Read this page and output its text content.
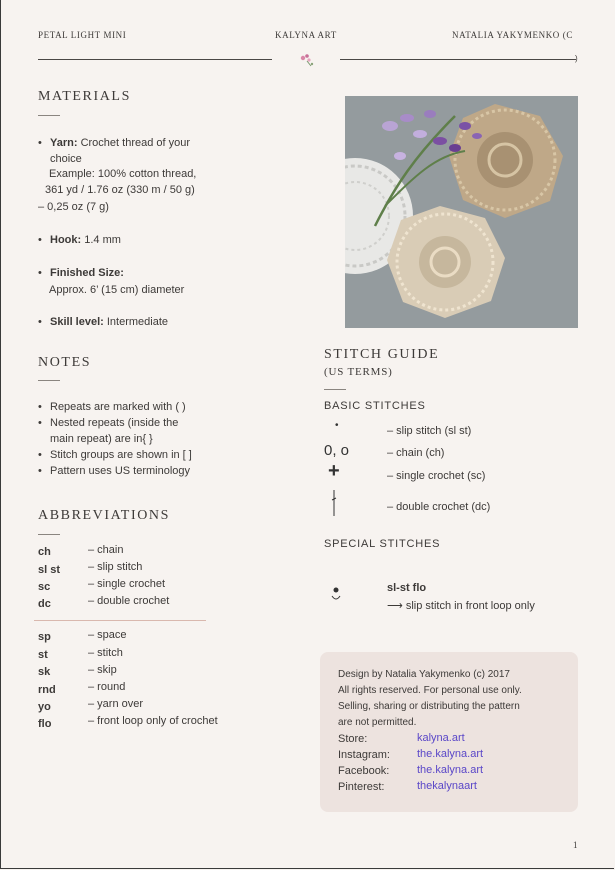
PETAL LIGHT MINI	KALYNA ART	NATALIA YAKYMENKO (C
)
MATERIALS
• Yarn: Crochet thread of your
choice
Example: 100% cotton thread,
361 yd / 1.76 oz (330 m / 50 g)
– 0,25 oz (7 g)
• Hook: 1.4 mm
• Finished Size:
Approx. 6’ (15 cm) diameter
• Skill level: Intermediate
NOTES
• Repeats are marked with ( )
• Nested repeats (inside the
main repeat) are in{ }
• Stitch groups are shown in [ ]
• Pattern uses US terminology
ABBREVIATIONS
ch	– chain
sl st	– slip stitch
sc	– single crochet
dc	– double crochet
sp	– space
st	– stitch
sk	– skip
rnd	– round
yo	– yarn over
flo	– front loop only of crochet
STITCH GUIDE
(US TERMS)
BASIC STITCHES
•	– slip stitch (sl st)
0, o	– chain (ch)
+	– single crochet (sc)
– double crochet (dc)
SPECIAL STITCHES
sl-st flo
⟶ slip stitch in front loop only
Design by Natalia Yakymenko (c) 2017
All rights reserved. For personal use only.
Selling, sharing or distributing the pattern
are not permitted.
Store:	kalyna.art
Instagram: the.kalyna.art
Facebook:	the.kalyna.art
Pinterest:	thekalynaart
1
